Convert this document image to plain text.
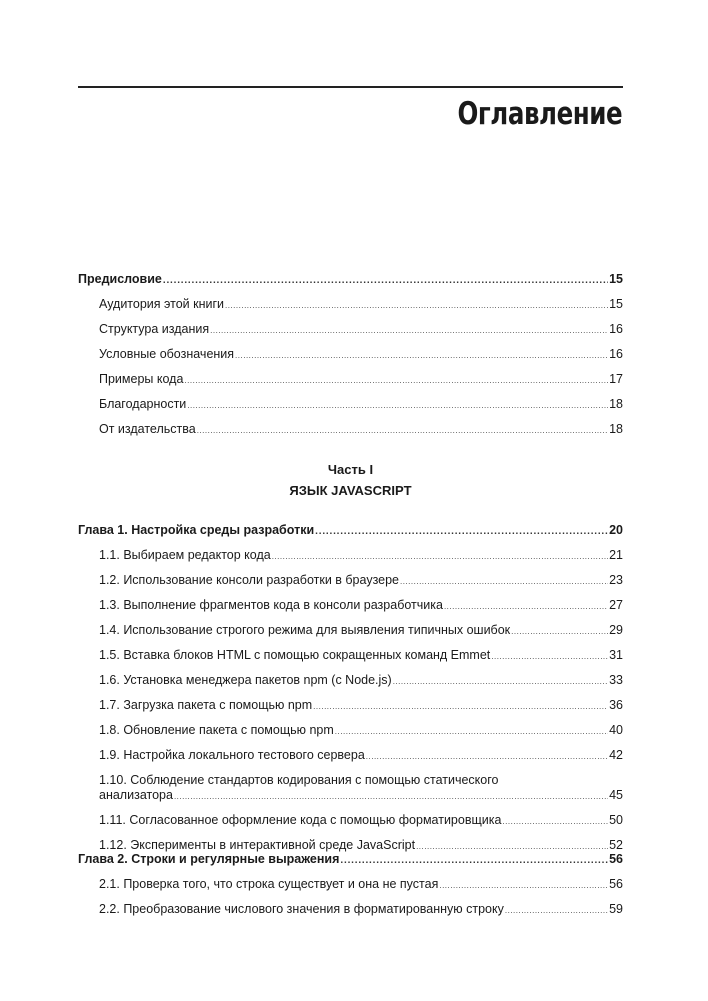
Оглавление
Предисловие .....	15
Аудитория этой книги .....	15
Структура издания .....	16
Условные обозначения .....	16
Примеры кода .....	17
Благодарности .....	18
От издательства .....	18
Часть I
ЯЗЫК JAVASCRIPT
Глава 1. Настройка среды разработки .....	20
1.1. Выбираем редактор кода .....	21
1.2. Использование консоли разработки в браузере .....	23
1.3. Выполнение фрагментов кода в консоли разработчика .....	27
1.4. Использование строгого режима для выявления типичных ошибок .....	29
1.5. Вставка блоков HTML с помощью сокращенных команд Emmet .....	31
1.6. Установка менеджера пакетов npm (с Node.js) .....	33
1.7. Загрузка пакета с помощью npm .....	36
1.8. Обновление пакета с помощью npm .....	40
1.9. Настройка локального тестового сервера .....	42
1.10. Соблюдение стандартов кодирования с помощью статического
анализатора .....	45
1.11. Согласованное оформление кода с помощью форматировщика .....	50
1.12. Эксперименты в интерактивной среде JavaScript .....	52
Глава 2. Строки и регулярные выражения .....	56
2.1. Проверка того, что строка существует и она не пустая .....	56
2.2. Преобразование числового значения в форматированную строку .....	59
